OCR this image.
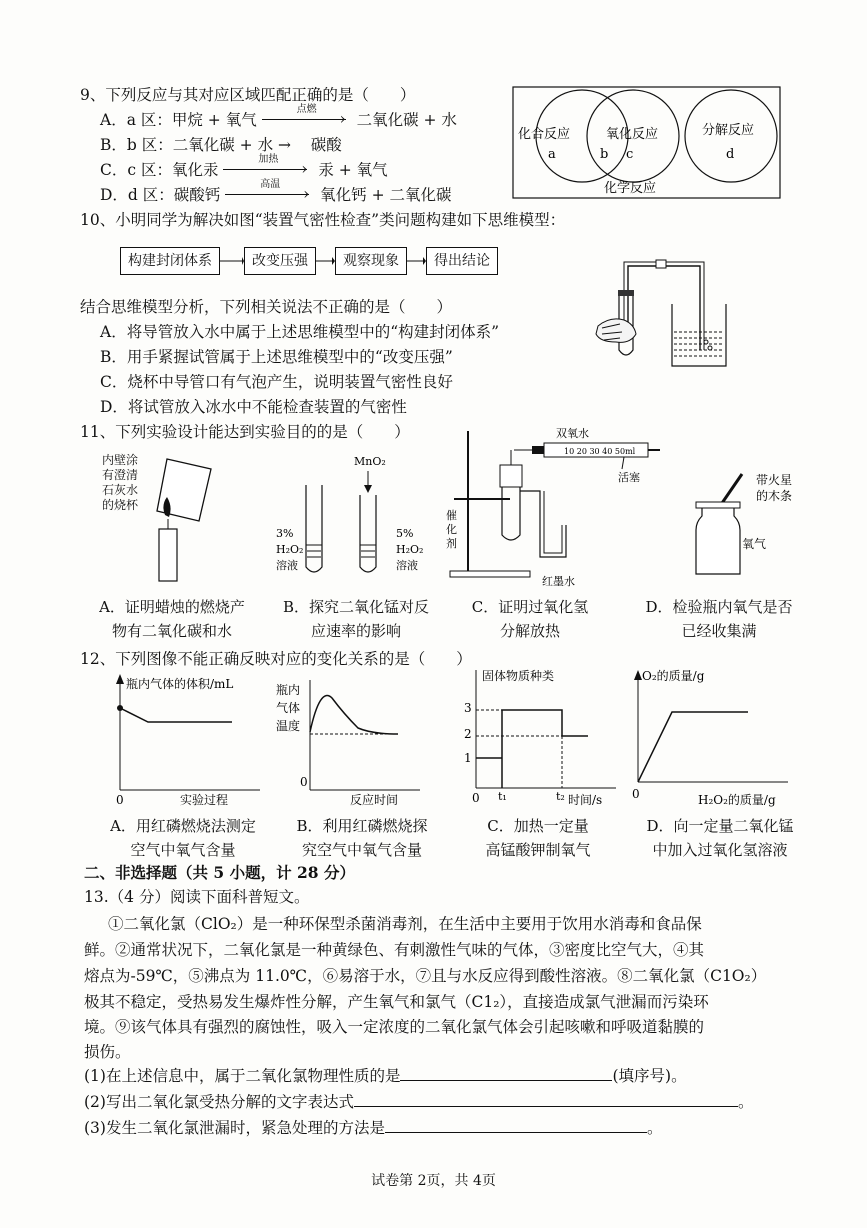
9、下列反应与其对应区域匹配正确的是（　　）
A．a 区：甲烷 + 氧气
点燃
› 二氧化碳 + 水
B．b 区：二氧化碳 + 水 → 碳酸
C．c 区：氧化汞
加热
› 汞 + 氧气
D．d 区：碳酸钙
高温
› 氧化钙 + 二氧化碳
化合反应
a	b
氧化反应
c
分解反应
d
化学反应
10、小明同学为解决如图“装置气密性检查”类问题构建如下思维模型：
构建封闭体系	改变压强	观察现象	得出结论
结合思维模型分析，下列相关说法不正确的是（　　）
A．将导管放入水中属于上述思维模型中的“构建封闭体系”
B．用手紧握试管属于上述思维模型中的“改变压强”
C．烧杯中导管口有气泡产生，说明装置气密性良好
D．将试管放入冰水中不能检查装置的气密性
11、下列实验设计能达到实验目的的是（　　）
内壁涂
有澄清
石灰水
的烧杯
MnO₂
3%
H₂O₂
溶液
5%
H₂O₂
溶液
双氧水
10 20 30 40 50ml
活塞
催
化
剂
红墨水
带火星
的木条
氧气
A．证明蜡烛的燃烧产
物有二氧化碳和水
B．探究二氧化锰对反
应速率的影响
C．证明过氧化氢
分解放热
D．检验瓶内氧气是否
已经收集满
12、下列图像不能正确反映对应的变化关系的是（　　）
瓶内气体的体积/mL
0	实验过程
瓶内
气体
温度
0
反应时间
固体物质种类
3
2
1
0 t₁	t₂ 时间/s
O₂的质量/g
0	H₂O₂的质量/g
A．用红磷燃烧法测定
空气中氧气含量
B．利用红磷燃烧探
究空气中氧气含量
C．加热一定量
高锰酸钾制氧气
D．向一定量二氧化锰
中加入过氧化氢溶液
二、非选择题（共 5 小题，计 28 分）
13.（4 分）阅读下面科普短文。
①二氧化氯（ClO₂）是一种环保型杀菌消毒剂，在生活中主要用于饮用水消毒和食品保
鲜。②通常状况下，二氧化氯是一种黄绿色、有刺激性气味的气体，③密度比空气大，④其
熔点为-59℃，⑤沸点为 11.0℃，⑥易溶于水，⑦且与水反应得到酸性溶液。⑧二氧化氯（C1O₂）
极其不稳定，受热易发生爆炸性分解，产生氧气和氯气（C1₂），直接造成氯气泄漏而污染环
境。⑨该气体具有强烈的腐蚀性，吸入一定浓度的二氧化氯气体会引起咳嗽和呼吸道黏膜的
损伤。
(1)在上述信息中，属于二氧化氯物理性质的是	(填序号)。
(2)写出二氧化氯受热分解的文字表达式	。
(3)发生二氧化氯泄漏时，紧急处理的方法是	。
试卷第 2页，共 4页
